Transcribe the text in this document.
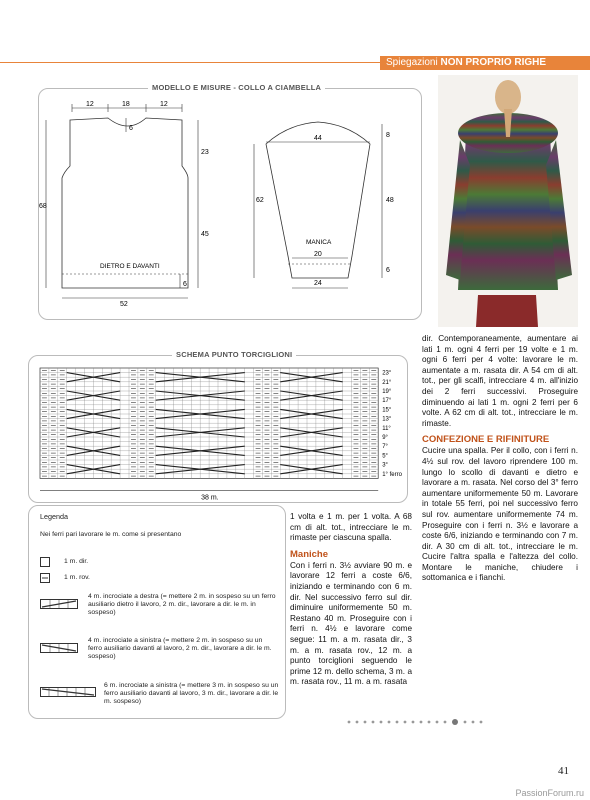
Spiegazioni NON PROPRIO RIGHE
MODELLO E MISURE - COLLO A CIAMBELLA
12	18	12
6
68
23
45
6
DIETRO E DAVANTI
52
44	8
48
6
62
MANICA
20
24
SCHEMA PUNTO TORCIGLIONI
23°
21°
19°
17°
15°
13°
11°
9°
7°
5°
3°
1° ferro
38 m.
Legenda
Nei ferri pari lavorare le m. come si presentano
1 m. dir.
1 m. rov.
4 m. incrociate a destra (= mettere 2 m. in sospeso su un ferro ausiliario dietro il lavoro, 2 m. dir., lavorare a dir. le m. in sospeso)
4 m. incrociate a sinistra (= mettere 2 m. in sospeso su un ferro ausiliario davanti al lavoro, 2 m. dir., lavorare a dir. le m. sospeso)
6 m. incrociate a sinistra (= mettere 3 m. in sospeso su un ferro ausiliario davanti al lavoro, 3 m. dir., lavorare a dir. le m. sospeso)
1 volta e 1 m. per 1 volta. A 68 cm di alt. tot., intrecciare le m. rimaste per ciascuna spalla.
Maniche
Con i ferri n. 3½ avviare 90 m. e lavorare 12 ferri a coste 6/6, iniziando e terminando con 6 m. dir. Nel successivo ferro sul dir. diminuire uniformemente 50 m. Restano 40 m. Proseguire con i ferri n. 4½ e lavorare come segue: 11 m. a m. rasata dir., 3 m. a m. rasata rov., 12 m. a punto torciglioni seguendo le prime 12 m. dello schema, 3 m. a m. rasata rov., 11 m. a m. rasata
dir. Contemporaneamente, aumentare ai lati 1 m. ogni 4 ferri per 19 volte e 1 m. ogni 6 ferri per 4 volte: lavorare le m. aumentate a m. rasata dir. A 54 cm di alt. tot., per gli scalfi, intrecciare 4 m. all'inizio dei 2 ferri successivi. Proseguire diminuendo ai lati 1 m. ogni 2 ferri per 6 volte. A 62 cm di alt. tot., intrecciare le m. rimaste.
CONFEZIONE E RIFINITURE
Cucire una spalla. Per il collo, con i ferri n. 4½ sul rov. del lavoro riprendere 100 m. lungo lo scollo di davanti e dietro e lavorare a m. rasata. Nel corso del 3° ferro aumentare uniformemente 50 m. Lavorare in totale 55 ferri, poi nel successivo ferro sul rov. aumentare uniformemente 74 m. Proseguire con i ferri n. 3½ e lavorare a coste 6/6, iniziando e terminando con 7 m. dir. A 30 cm di alt. tot., intrecciare le m. Cucire l'altra spalla e l'altezza del collo. Montare le maniche, chiudere i sottomanica e i fianchi.
41
PassionForum.ru
